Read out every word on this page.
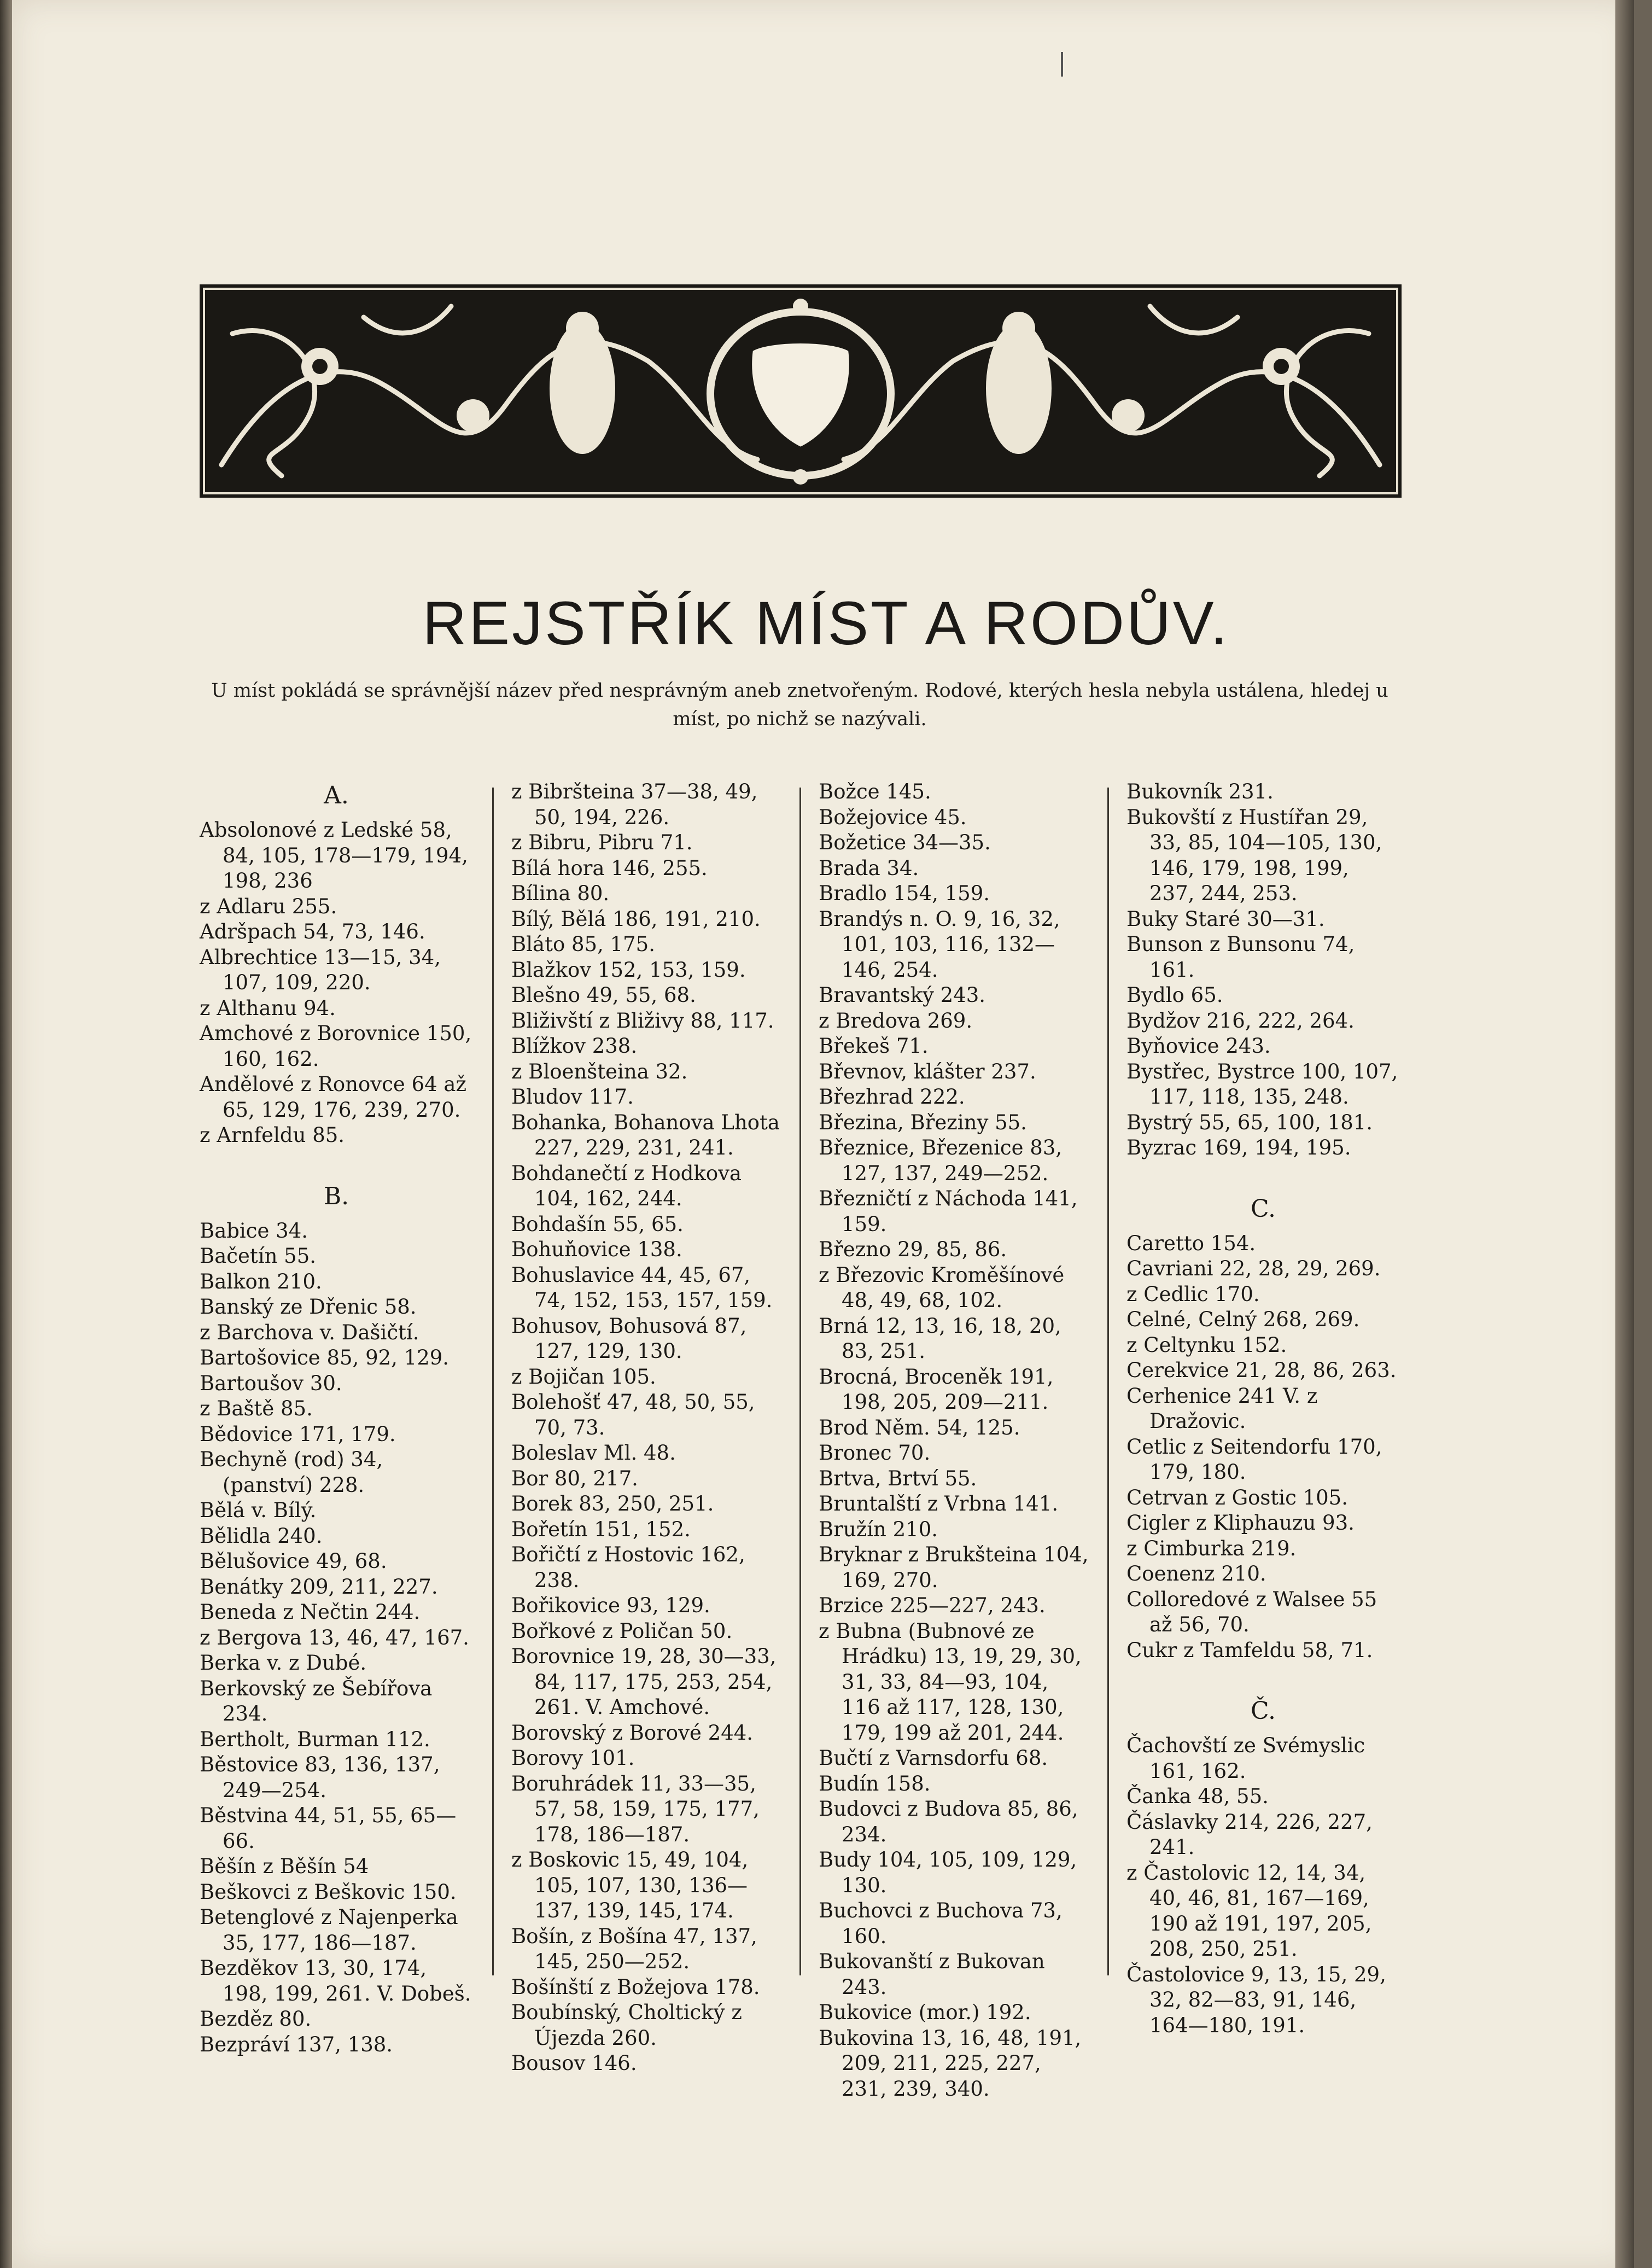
REJSTŘÍK MÍST A RODŮV.
U míst pokládá se správnější název před nesprávným aneb znetvořeným. Rodové, kterých hesla nebyla ustálena, hledej u míst, po nichž se nazývali.
A.
Absolonové z Ledské 58, 84, 105, 178—179, 194, 198, 236
z Adlaru 255.
Adršpach 54, 73, 146.
Albrechtice 13—15, 34, 107, 109, 220.
z Althanu 94.
Amchové z Borovnice 150, 160, 162.
Andělové z Ronovce 64 až 65, 129, 176, 239, 270.
z Arnfeldu 85.
B.
Babice 34.
Bačetín 55.
Balkon 210.
Banský ze Dřenic 58.
z Barchova v. Dašičtí.
Bartošovice 85, 92, 129.
Bartoušov 30.
z Baště 85.
Bědovice 171, 179.
Bechyně (rod) 34, (panství) 228.
Bělá v. Bílý.
Bělidla 240.
Bělušovice 49, 68.
Benátky 209, 211, 227.
Beneda z Nečtin 244.
z Bergova 13, 46, 47, 167.
Berka v. z Dubé.
Berkovský ze Šebířova 234.
Bertholt, Burman 112.
Běstovice 83, 136, 137, 249—254.
Běstvina 44, 51, 55, 65—66.
Běšín z Běšín 54
Beškovci z Beškovic 150.
Betenglové z Najenperka 35, 177, 186—187.
Bezděkov 13, 30, 174, 198, 199, 261. V. Dobeš.
Bezděz 80.
Bezpráví 137, 138.
z Bibršteina 37—38, 49, 50, 194, 226.
z Bibru, Pibru 71.
Bílá hora 146, 255.
Bílina 80.
Bílý, Bělá 186, 191, 210.
Bláto 85, 175.
Blažkov 152, 153, 159.
Blešno 49, 55, 68.
Bliživští z Bliživy 88, 117.
Blížkov 238.
z Bloenšteina 32.
Bludov 117.
Bohanka, Bohanova Lhota 227, 229, 231, 241.
Bohdanečtí z Hodkova 104, 162, 244.
Bohdašín 55, 65.
Bohuňovice 138.
Bohuslavice 44, 45, 67, 74, 152, 153, 157, 159.
Bohusov, Bohusová 87, 127, 129, 130.
z Bojičan 105.
Bolehošť 47, 48, 50, 55, 70, 73.
Boleslav Ml. 48.
Bor 80, 217.
Borek 83, 250, 251.
Bořetín 151, 152.
Bořičtí z Hostovic 162, 238.
Bořikovice 93, 129.
Bořkové z Poličan 50.
Borovnice 19, 28, 30—33, 84, 117, 175, 253, 254, 261. V. Amchové.
Borovský z Borové 244.
Borovy 101.
Boruhrádek 11, 33—35, 57, 58, 159, 175, 177, 178, 186—187.
z Boskovic 15, 49, 104, 105, 107, 130, 136—137, 139, 145, 174.
Bošín, z Bošína 47, 137, 145, 250—252.
Bošínští z Božejova 178.
Boubínský, Choltický z Újezda 260.
Bousov 146.
Božce 145.
Božejovice 45.
Božetice 34—35.
Brada 34.
Bradlo 154, 159.
Brandýs n. O. 9, 16, 32, 101, 103, 116, 132—146, 254.
Bravantský 243.
z Bredova 269.
Břekeš 71.
Břevnov, klášter 237.
Březhrad 222.
Březina, Březiny 55.
Březnice, Březenice 83, 127, 137, 249—252.
Březničtí z Náchoda 141, 159.
Březno 29, 85, 86.
z Březovic Kroměšínové 48, 49, 68, 102.
Brná 12, 13, 16, 18, 20, 83, 251.
Brocná, Broceněk 191, 198, 205, 209—211.
Brod Něm. 54, 125.
Bronec 70.
Brtva, Brtví 55.
Bruntalští z Vrbna 141.
Bružín 210.
Bryknar z Brukšteina 104, 169, 270.
Brzice 225—227, 243.
z Bubna (Bubnové ze Hrádku) 13, 19, 29, 30, 31, 33, 84—93, 104, 116 až 117, 128, 130, 179, 199 až 201, 244.
Bučtí z Varnsdorfu 68.
Budín 158.
Budovci z Budova 85, 86, 234.
Budy 104, 105, 109, 129, 130.
Buchovci z Buchova 73, 160.
Bukovanští z Bukovan 243.
Bukovice (mor.) 192.
Bukovina 13, 16, 48, 191, 209, 211, 225, 227, 231, 239, 340.
Bukovník 231.
Bukovští z Hustířan 29, 33, 85, 104—105, 130, 146, 179, 198, 199, 237, 244, 253.
Buky Staré 30—31.
Bunson z Bunsonu 74, 161.
Bydlo 65.
Bydžov 216, 222, 264.
Byňovice 243.
Bystřec, Bystrce 100, 107, 117, 118, 135, 248.
Bystrý 55, 65, 100, 181.
Byzrac 169, 194, 195.
C.
Caretto 154.
Cavriani 22, 28, 29, 269.
z Cedlic 170.
Celné, Celný 268, 269.
z Celtynku 152.
Cerekvice 21, 28, 86, 263.
Cerhenice 241 V. z Dražovic.
Cetlic z Seitendorfu 170, 179, 180.
Cetrvan z Gostic 105.
Cigler z Kliphauzu 93.
z Cimburka 219.
Coenenz 210.
Colloredové z Walsee 55 až 56, 70.
Cukr z Tamfeldu 58, 71.
Č.
Čachovští ze Svémyslic 161, 162.
Čanka 48, 55.
Čáslavky 214, 226, 227, 241.
z Častolovic 12, 14, 34, 40, 46, 81, 167—169, 190 až 191, 197, 205, 208, 250, 251.
Častolovice 9, 13, 15, 29, 32, 82—83, 91, 146, 164—180, 191.
